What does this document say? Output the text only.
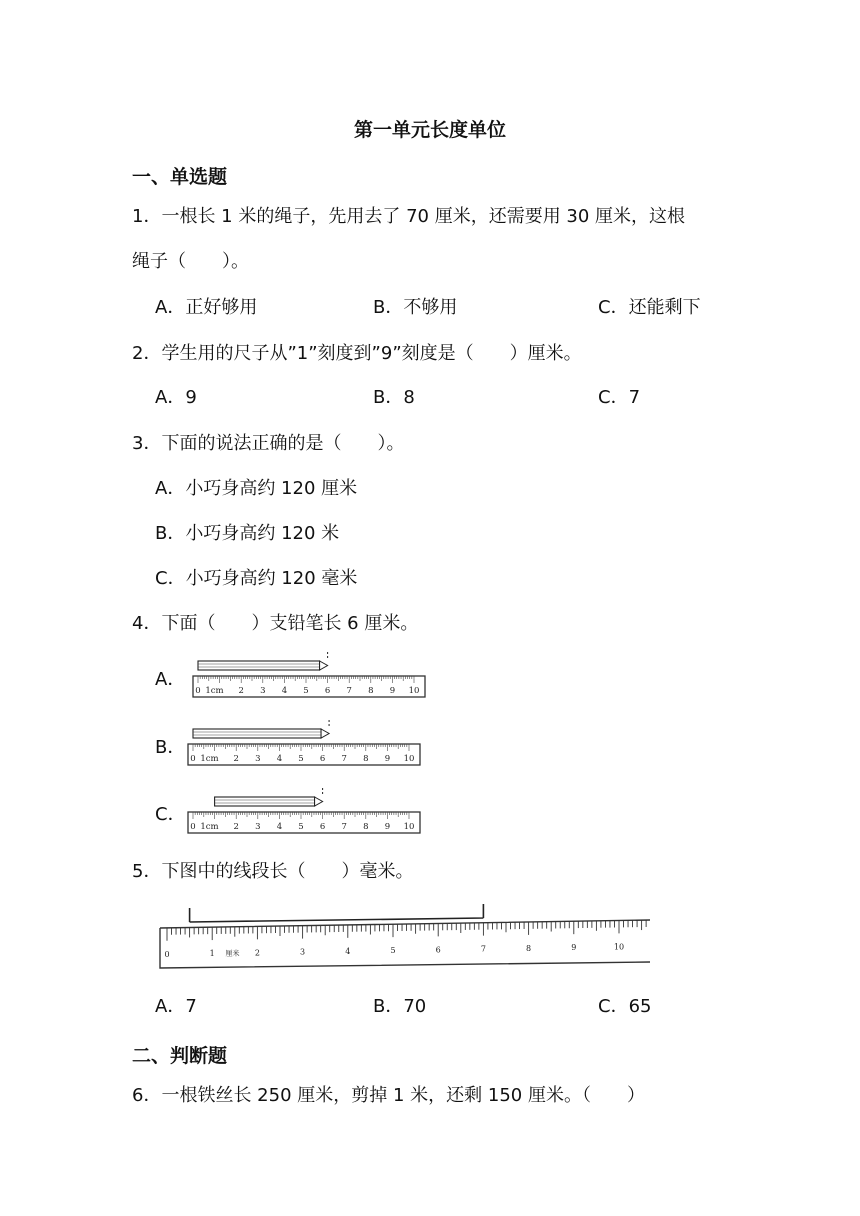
第一单元长度单位
一、单选题
1．一根长 1 米的绳子，先用去了 70 厘米，还需要用 30 厘米，这根
绳子（　　）。
A．正好够用	B．不够用	C．还能剩下
2．学生用的尺子从”1”刻度到”9”刻度是（　　）厘米。
A．9	B．8	C．7
3．下面的说法正确的是（　　）。
A．小巧身高约 120 厘米
B．小巧身高约 120 米
C．小巧身高约 120 毫米
4．下面（　　）支铅笔长 6 厘米。
A．
B．
C．
0 1cm 2 3 4 5 6 7 8 9 10
0 1cm 2 3 4 5 6 7 8 9 10
0 1cm 2 3 4 5 6 7 8 9 10
5．下图中的线段长（　　）毫米。
0	1 厘米 2	3	4	5	6	7	8	9	10
A．7	B．70	C．65
二、判断题
6．一根铁丝长 250 厘米，剪掉 1 米，还剩 150 厘米。（　　）
